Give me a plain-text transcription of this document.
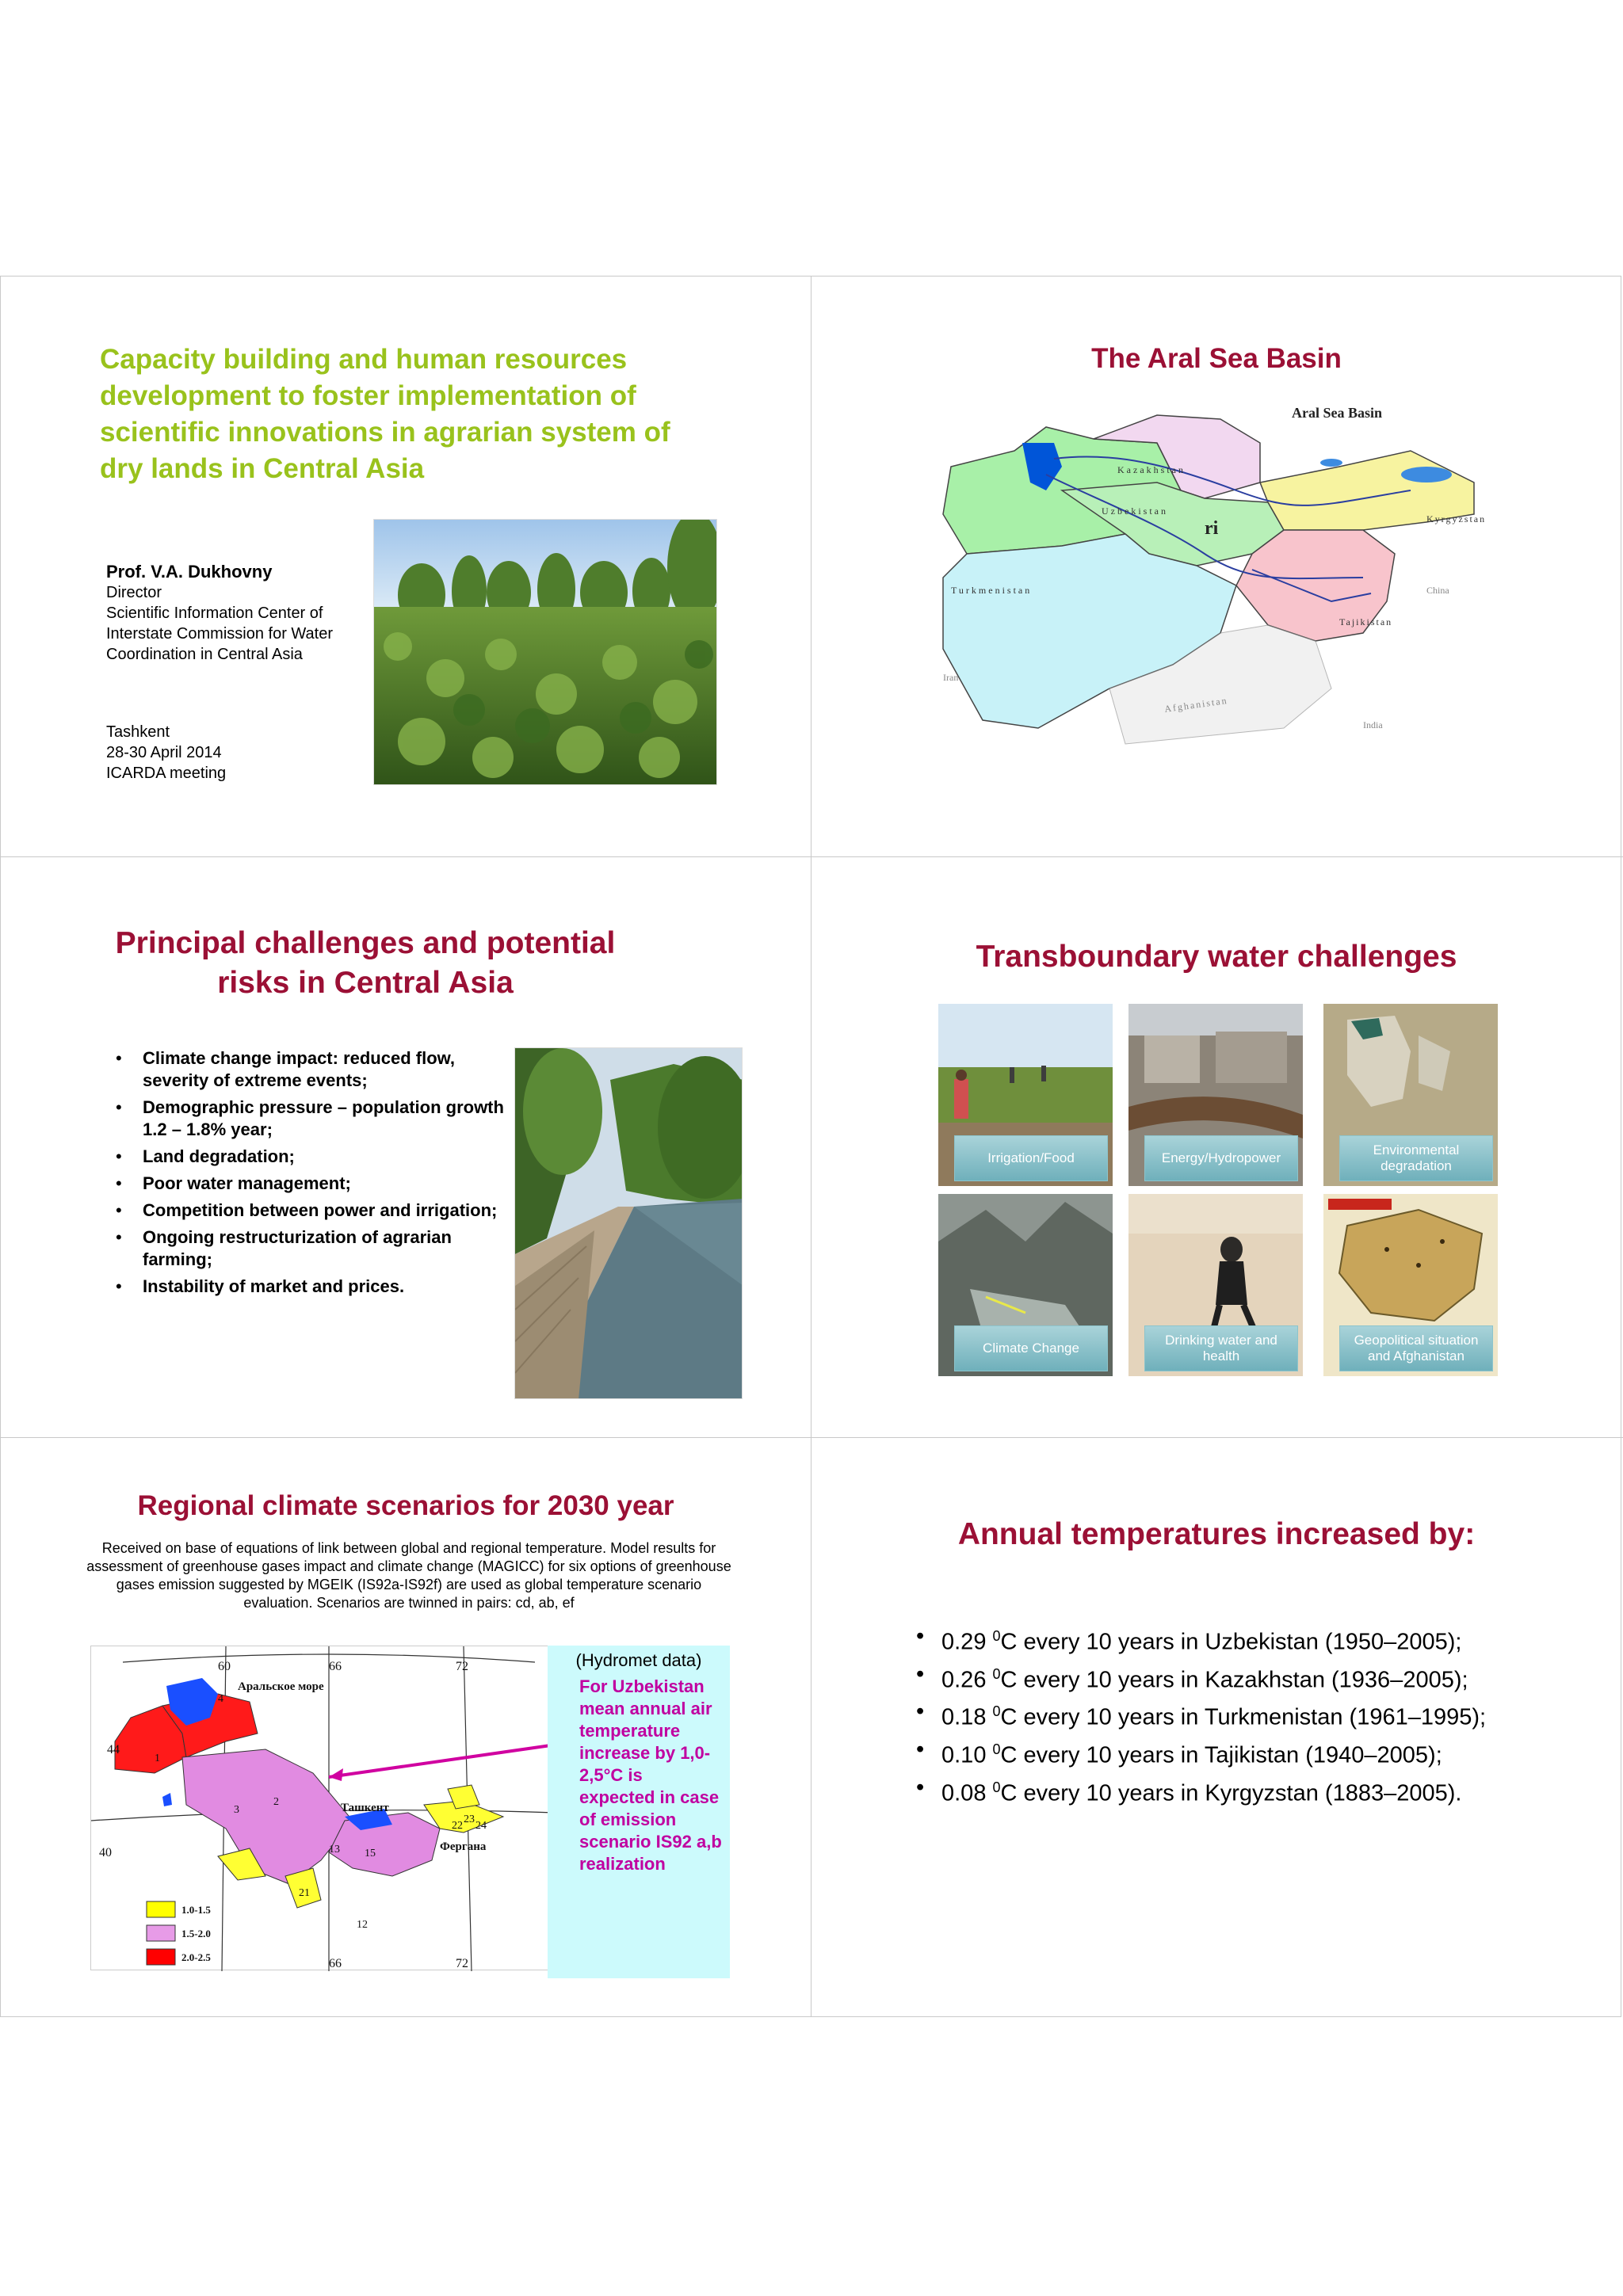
Capacity building and human resources development to foster implementation of scientific innovations in agrarian system of dry lands in Central Asia
Prof. V.A. Dukhovny
Director
Scientific Information Center of
Interstate Commission for Water
Coordination in Central Asia
Tashkent
28-30 April 2014
ICARDA meeting
The Aral Sea Basin
Aral Sea Basin
Kazakhstan
Uzbekistan
Turkmenistan
Kyrgyzstan
Tajikistan
China
Iran
Afghanistan
India
ri
Principal challenges and potential
risks in Central Asia
• Climate change impact: reduced flow, severity of extreme events;
• Demographic pressure – population growth 1.2 – 1.8% year;
• Land degradation;
• Poor water management;
• Competition between power and irrigation;
• Ongoing restructurization of agrarian farming;
• Instability of market and prices.
Transboundary water challenges
Irrigation/Food	Energy/Hydropower
Environmental degradation
Climate Change
Drinking water and health
Geopolitical situation and Afghanistan
Regional climate scenarios for 2030 year
Received on base of equations of link between global and regional temperature. Model results for assessment of greenhouse gases impact and climate change (MAGICC) for six options of greenhouse gases emission suggested by MGEIK (IS92a-IS92f) are used as global temperature scenario evaluation. Scenarios are twinned in pairs: cd, ab, ef
60	66	72
66	72
44
40
Аральское море
Ташкент
Фергана
1
2
3
4
12
13 15
21
22
23
24
1.0-1.5
1.5-2.0
2.0-2.5
(Hydromet data)
For Uzbekistan mean annual air temperature increase by 1,0-2,5°C is expected in case of emission scenario IS92 a,b realization
Annual temperatures increased by:
• 0.29 $^0$C every 10 years in Uzbekistan (1950–2005);
• 0.26 $^0$C every 10 years in Kazakhstan (1936–2005);
• 0.18 $^0$C every 10 years in Turkmenistan (1961–1995);
• 0.10 $^0$C every 10 years in Tajikistan (1940–2005);
• 0.08 $^0$C every 10 years in Kyrgyzstan (1883–2005).
